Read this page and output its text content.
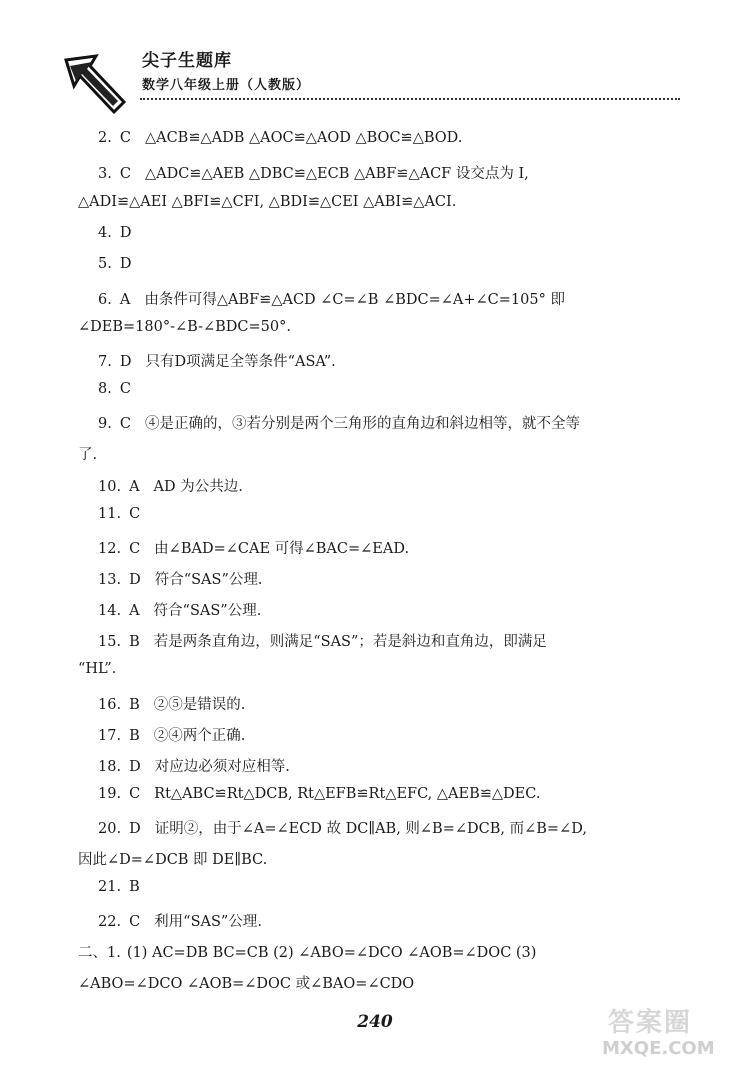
尖子生题库
数学八年级上册（人教版）
2. C △ACB≌△ADB △AOC≌△AOD △BOC≌△BOD.
3. C △ADC≌△AEB △DBC≌△ECB △ABF≌△ACF 设交点为 I,
△ADI≌△AEI △BFI≌△CFI, △BDI≌△CEI △ABI≌△ACI.
4. D
5. D
6. A 由条件可得△ABF≌△ACD ∠C=∠B ∠BDC=∠A+∠C=105° 即
∠DEB=180°-∠B-∠BDC=50°.
7. D 只有D项满足全等条件“ASA”.
8. C
9. C ④是正确的，③若分别是两个三角形的直角边和斜边相等，就不全等
了.
10. A AD 为公共边.
11. C
12. C 由∠BAD=∠CAE 可得∠BAC=∠EAD.
13. D 符合“SAS”公理.
14. A 符合“SAS”公理.
15. B 若是两条直角边，则满足“SAS”；若是斜边和直角边，即满足
“HL”.
16. B ②⑤是错误的.
17. B ②④两个正确.
18. D 对应边必须对应相等.
19. C Rt△ABC≌Rt△DCB, Rt△EFB≌Rt△EFC, △AEB≌△DEC.
20. D 证明②，由于∠A=∠ECD 故 DC∥AB, 则∠B=∠DCB, 而∠B=∠D,
因此∠D=∠DCB 即 DE∥BC.
21. B
22. C 利用“SAS”公理.
二、1. (1) AC=DB BC=CB (2) ∠ABO=∠DCO ∠AOB=∠DOC (3)
∠ABO=∠DCO ∠AOB=∠DOC 或∠BAO=∠CDO
240	答案圈
MXQE.COM
